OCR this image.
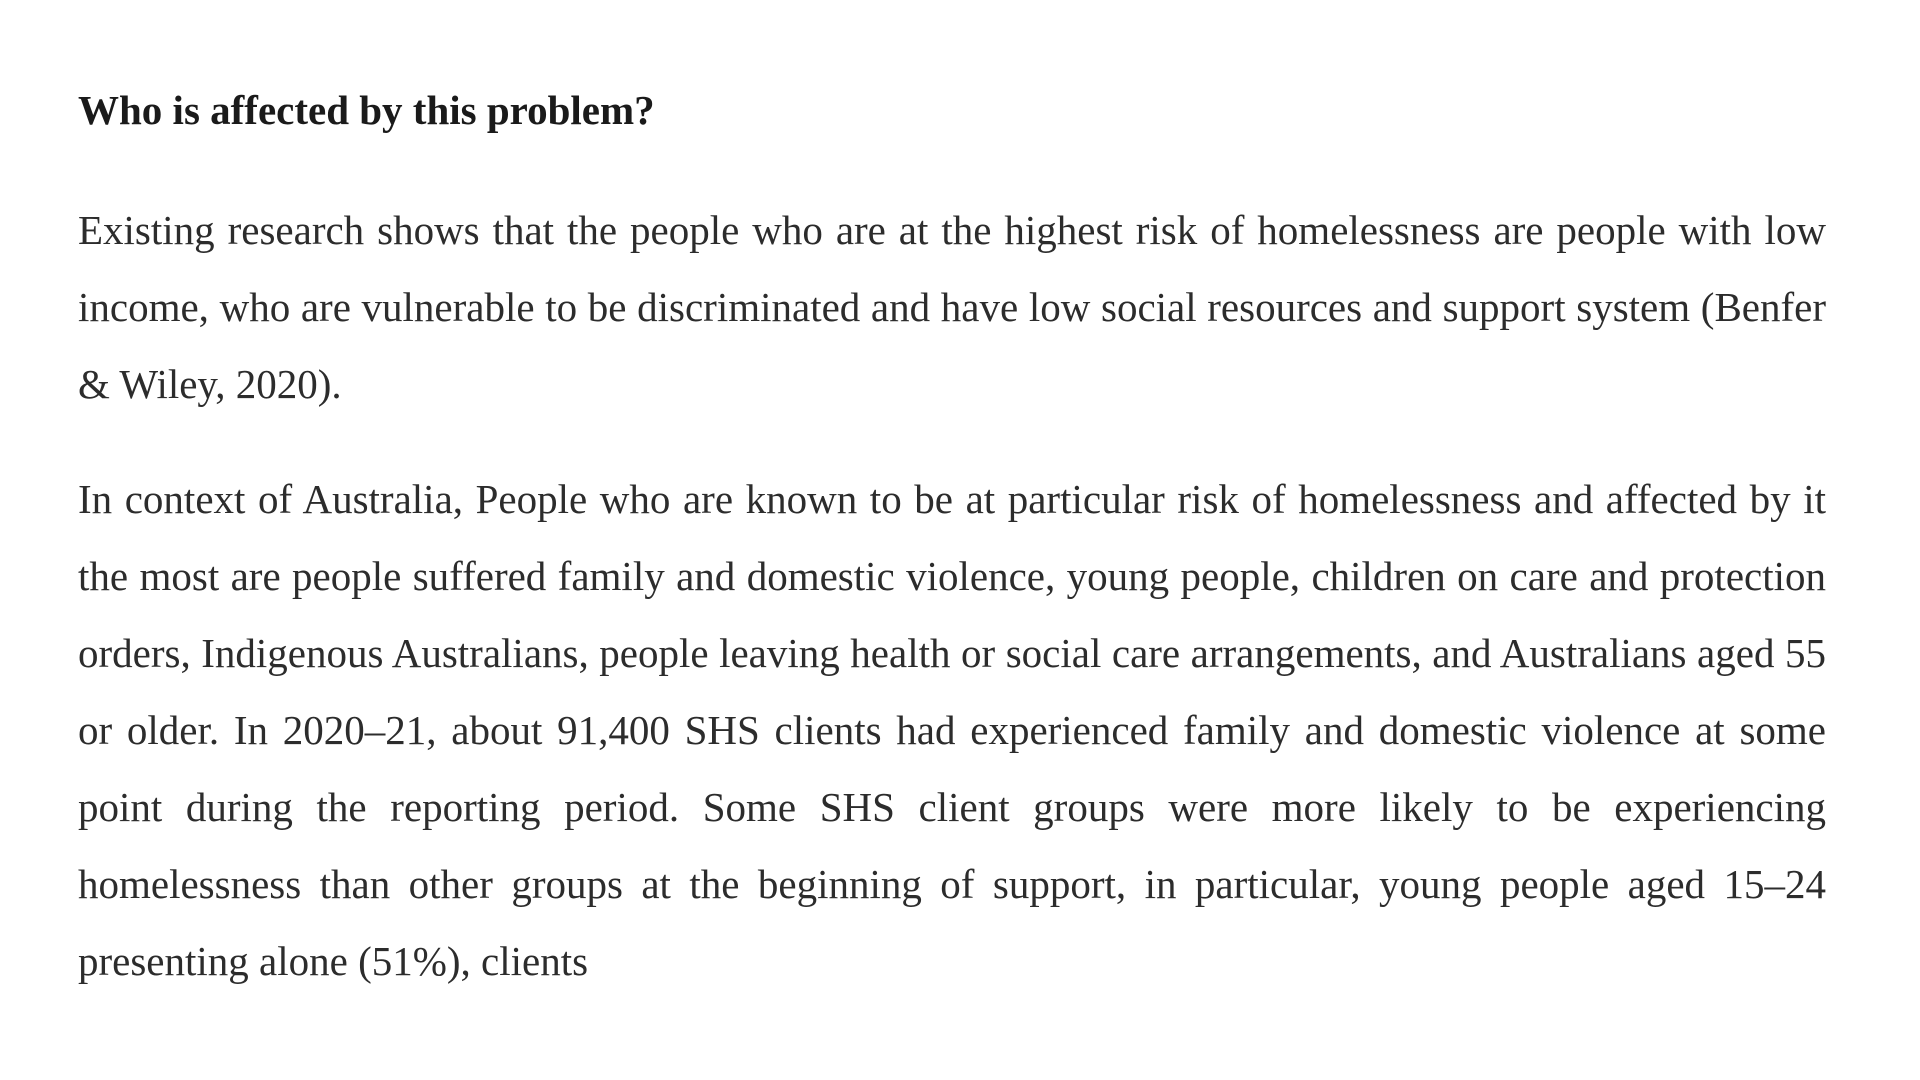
Who is affected by this problem?

Existing research shows that the people who are at the highest risk of homelessness are people with low income, who are vulnerable to be discriminated and have low social resources and support system (Benfer & Wiley, 2020).

In context of Australia, People who are known to be at particular risk of homelessness and affected by it the most are people suffered family and domestic violence, young people, children on care and protection orders, Indigenous Australians, people leaving health or social care arrangements, and Australians aged 55 or older. In 2020–21, about 91,400 SHS clients had experienced family and domestic violence at some point during the reporting period. Some SHS client groups were more likely to be experiencing homelessness than other groups at the beginning of support, in particular, young people aged 15–24 presenting alone (51%), clients
